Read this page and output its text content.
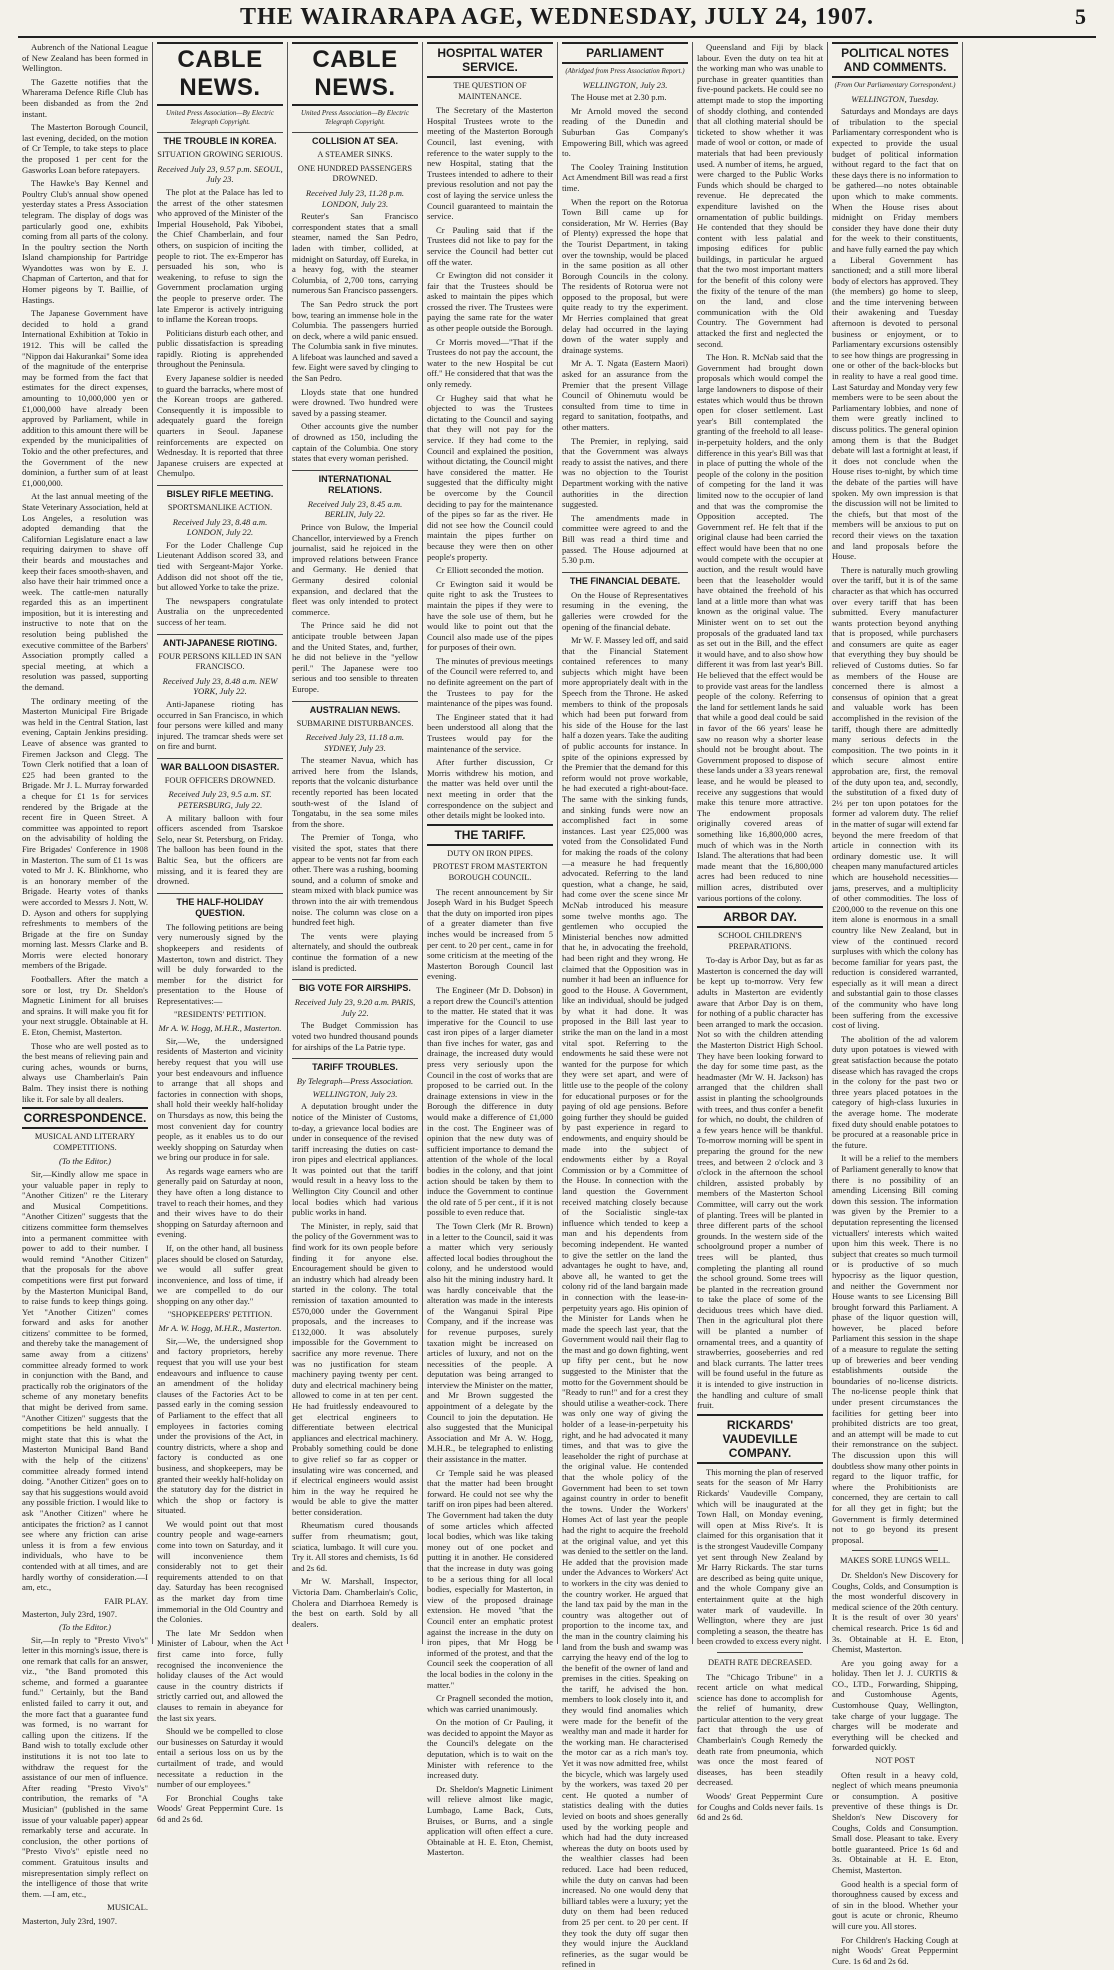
THE WAIRARAPA AGE, WEDNESDAY, JULY 24, 1907.	5

Aubrench of the National League of New Zealand has been formed in Wellington.

The Gazette notifies that the Wharerama Defence Rifle Club has been disbanded as from the 2nd instant.

The Masterton Borough Council, last evening, decided, on the motion of Cr Temple, to take steps to place the proposed 1 per cent for the Gasworks Loan before ratepayers.

The Hawke's Bay Kennel and Poultry Club's annual show opened yesterday states a Press Association telegram. The display of dogs was particularly good one, exhibits coming from all parts of the colony. In the poultry section the North Island championship for Partridge Wyandottes was won by E. J. Chapman of Carterton, and that for Homer pigeons by T. Baillie, of Hastings.

The Japanese Government have decided to hold a grand International Exhibition at Tokio in 1912. This will be called the "Nippon dai Hakurankai" Some idea of the magnitude of the enterprise may be formed from the fact that estimates for the direct expenses, amounting to 10,000,000 yen or £1,000,000 have already been approved by Parliament, while in addition to this amount there will be expended by the municipalities of Tokio and the other prefectures, and the Government of the new dominion, a further sum of at least £1,000,000.

At the last annual meeting of the State Veterinary Association, held at Los Angeles, a resolution was adopted demanding that the Californian Legislature enact a law requiring dairymen to shave off their beards and moustaches and keep their faces smooth-shaven, and also have their hair trimmed once a week. The cattle-men naturally regarded this as an impertinent imposition, but it is interesting and instructive to note that on the resolution being published the executive committee of the Barbers' Association promptly called a special meeting, at which a resolution was passed, supporting the demand.

The ordinary meeting of the Masterton Municipal Fire Brigade was held in the Central Station, last evening, Captain Jenkins presiding. Leave of absence was granted to Firemen Jackson and Clegg. The Town Clerk notified that a loan of £25 had been granted to the Brigade. Mr J. L. Murray forwarded a cheque for £1 1s for services rendered by the Brigade at the recent fire in Queen Street. A committee was appointed to report on the advisability of holding the Fire Brigades' Conference in 1908 in Masterton. The sum of £1 1s was voted to Mr J. K. Blinkhorne, who is an honorary member of the Brigade. Hearty votes of thanks were accorded to Messrs J. Nott, W. D. Ayson and others for supplying refreshments to members of the Brigade at the fire on Sunday morning last. Messrs Clarke and B. Morris were elected honorary members of the Brigade.

Footballers. After the match a sore or lost, try Dr. Sheldon's Magnetic Liniment for all bruises and sprains. It will make you fit for your next struggle. Obtainable at H. E. Eton, Chemist, Masterton.

Those who are well posted as to the best means of relieving pain and curing aches, wounds or burns, always use Chamberlain's Pain Balm. They insist there is nothing like it. For sale by all dealers.

CORRESPONDENCE.
MUSICAL AND LITERARY COMPETITIONS.
(To the Editor.)

Sir,—Kindly allow me space in your valuable paper in reply to "Another Citizen" re the Literary and Musical Competitions. "Another Citizen" suggests that the citizens committee form themselves into a permanent committee with power to add to their number. I would remind "Another Citizen" that the proposals for the above competitions were first put forward by the Masterton Municipal Band, to raise funds to keep things going. Yet "Another Citizen" comes forward and asks for another citizens' committee to be formed, and thereby take the management of same away from a citizens' committee already formed to work in conjunction with the Band, and practically rob the originators of the scheme of any monetary benefits that might be derived from same. "Another Citizen" suggests that the competitions be held annually. I might state that this is what the Masterton Municipal Band Band with the help of the citizens' committee already formed intend doing. "Another Citizen" goes on to say that his suggestions would avoid any possible friction. I would like to ask "Another Citizen" where he anticipates the friction? as I cannot see where any friction can arise unless it is from a few envious individuals, who have to be contended with at all times, and are hardly worthy of consideration.—I am, etc.,

FAIR PLAY.
Masterton, July 23rd, 1907.
(To the Editor.)

Sir,—In reply to "Presto Vivo's" letter in this morning's issue, there is one remark that calls for an answer, viz., "the Band promoted this scheme, and formed a guarantee fund." Certainly, but the Band enlisted failed to carry it out, and the more fact that a guarantee fund was formed, is no warrant for calling upon the citizens. If the Band wish to totally exclude other institutions it is not too late to withdraw the request for the assistance of our men of influence. After reading "Presto Vivo's" contribution, the remarks of "A Musician" (published in the same issue of your valuable paper) appear remarkably terse and accurate. In conclusion, the other portions of "Presto Vivo's" epistle need no comment. Gratuitous insults and misrepresentation simply reflect on the intelligence of those that write them. —I am, etc.,

MUSICAL.
Masterton, July 23rd, 1907.
CABLE NEWS.
United Press Association—By Electric Telegraph Copyright.
THE TROUBLE IN KOREA.
SITUATION GROWING SERIOUS.
Received July 23, 9.57 p.m. SEOUL, July 23.

The plot at the Palace has led to the arrest of the other statesmen who approved of the Minister of the Imperial Household, Pak Yibobei, the Chief Chamberlain, and four others, on suspicion of inciting the people to riot. The ex-Emperor has persuaded his son, who is weakening, to refuse to sign the Government proclamation urging the people to preserve order. The late Emperor is actively intriguing to inflame the Korean troops.

Politicians disturb each other, and public dissatisfaction is spreading rapidly. Rioting is apprehended throughout the Peninsula.

Every Japanese soldier is needed to guard the barracks, where most of the Korean troops are gathered. Consequently it is impossible to adequately guard the foreign quarters in Seoul. Japanese reinforcements are expected on Wednesday. It is reported that three Japanese cruisers are expected at Chemulpo.

BISLEY RIFLE MEETING.
SPORTSMANLIKE ACTION.
Received July 23, 8.48 a.m. LONDON, July 22.

For the Loder Challenge Cup Lieutenant Addison scored 33, and tied with Sergeant-Major Yorke. Addison did not shoot off the tie, but allowed Yorke to take the prize.

The newspapers congratulate Australia on the unprecedented success of her team.

ANTI-JAPANESE RIOTING.
FOUR PERSONS KILLED IN SAN FRANCISCO.
Received July 23, 8.48 a.m. NEW YORK, July 22.

Anti-Japanese rioting has occurred in San Francisco, in which four persons were killed and many injured. The tramcar sheds were set on fire and burnt.

WAR BALLOON DISASTER.
FOUR OFFICERS DROWNED.
Received July 23, 9.5 a.m. ST. PETERSBURG, July 22.

A military balloon with four officers ascended from Tsarskoe Selo, near St. Petersburg, on Friday. The balloon has been found in the Baltic Sea, but the officers are missing, and it is feared they are drowned.

THE HALF-HOLIDAY QUESTION.

The following petitions are being very numerously signed by the shopkeepers and residents of Masterton, town and district. They will be duly forwarded to the member for the district for presentation to the House of Representatives:—

"RESIDENTS' PETITION.
Mr A. W. Hogg, M.H.R., Masterton.

Sir,—We, the undersigned residents of Masterton and vicinity hereby request that you will use your best endeavours and influence to arrange that all shops and factories in connection with shops, shall hold their weekly half-holiday on Thursdays as now, this being the most convenient day for country people, as it enables us to do our weekly shopping on Saturday when we bring our produce in for sale.

As regards wage earners who are generally paid on Saturday at noon, they have often a long distance to travel to reach their homes, and they and their wives have to do their shopping on Saturday afternoon and evening.

If, on the other hand, all business places should be closed on Saturday, we would all suffer great inconvenience, and loss of time, if we are compelled to do our shopping on any other day."

"SHOPKEEPERS' PETITION.
Mr A. W. Hogg, M.H.R., Masterton.

Sir,—We, the undersigned shop and factory proprietors, hereby request that you will use your best endeavours and influence to cause an amendment of the holiday clauses of the Factories Act to be passed early in the coming session of Parliament to the effect that all employees in factories coming under the provisions of the Act, in country districts, where a shop and factory is conducted as one business, and shopkeepers, may be granted their weekly half-holiday on the statutory day for the district in which the shop or factory is situated.

We would point out that most country people and wage-earners come into town on Saturday, and it will inconvenience them considerably not to get their requirements attended to on that day. Saturday has been recognised as the market day from time immemorial in the Old Country and the Colonies.

The late Mr Seddon when Minister of Labour, when the Act first came into force, fully recognised the inconvenience the holiday clauses of the Act would cause in the country districts if strictly carried out, and allowed the clauses to remain in abeyance for the last six years.

Should we be compelled to close our businesses on Saturday it would entail a serious loss on us by the curtailment of trade, and would necessitate a reduction in the number of our employees."

For Bronchial Coughs take Woods' Great Peppermint Cure. 1s 6d and 2s 6d.

CABLE NEWS.
United Press Association—By Electric Telegraph Copyright.
COLLISION AT SEA.
A STEAMER SINKS.
ONE HUNDRED PASSENGERS DROWNED.
Received July 23, 11.28 p.m. LONDON, July 23.

Reuter's San Francisco correspondent states that a small steamer, named the San Pedro, laden with timber, collided, at midnight on Saturday, off Eureka, in a heavy fog, with the steamer Columbia, of 2,700 tons, carrying numerous San Francisco passengers.

The San Pedro struck the port bow, tearing an immense hole in the Columbia. The passengers hurried on deck, where a wild panic ensued. The Columbia sank in five minutes. A lifeboat was launched and saved a few. Eight were saved by clinging to the San Pedro.

Lloyds state that one hundred were drowned. Two hundred were saved by a passing steamer.

Other accounts give the number of drowned as 150, including the captain of the Columbia. One story states that every woman perished.

INTERNATIONAL RELATIONS.
Received July 23, 8.45 a.m. BERLIN, July 22.

Prince von Bulow, the Imperial Chancellor, interviewed by a French journalist, said he rejoiced in the improved relations between France and Germany. He denied that Germany desired colonial expansion, and declared that the fleet was only intended to protect commerce.

The Prince said he did not anticipate trouble between Japan and the United States, and, further, he did not believe in the "yellow peril." The Japanese were too serious and too sensible to threaten Europe.

AUSTRALIAN NEWS.
SUBMARINE DISTURBANCES.
Received July 23, 11.18 a.m. SYDNEY, July 23.

The steamer Navua, which has arrived here from the Islands, reports that the volcanic disturbance recently reported has been located south-west of the Island of Tongatabu, in the sea some miles from the shore.

The Premier of Tonga, who visited the spot, states that there appear to be vents not far from each other. There was a rushing, booming sound, and a column of smoke and steam mixed with black pumice was thrown into the air with tremendous noise. The column was close on a hundred feet high.

The vents were playing alternately, and should the outbreak continue the formation of a new island is predicted.

BIG VOTE FOR AIRSHIPS.
Received July 23, 9.20 a.m. PARIS, July 22.

The Budget Commission has voted two hundred thousand pounds for airships of the La Patrie type.

TARIFF TROUBLES.
By Telegraph—Press Association.
WELLINGTON, July 23.

A deputation brought under the notice of the Minister of Customs, to-day, a grievance local bodies are under in consequence of the revised tariff increasing the duties on cast-iron pipes and electrical appliances. It was pointed out that the tariff would result in a heavy loss to the Wellington City Council and other local bodies which had various public works in hand.

The Minister, in reply, said that the policy of the Government was to find work for its own people before finding it for anyone else. Encouragement should be given to an industry which had already been started in the colony. The total remission of taxation amounted to £570,000 under the Government proposals, and the increases to £132,000. It was absolutely impossible for the Government to sacrifice any more revenue. There was no justification for steam machinery paying twenty per cent. duty and electrical machinery being allowed to come in at ten per cent. He had fruitlessly endeavoured to get electrical engineers to differentiate between electrical appliances and electrical machinery. Probably something could be done to give relief so far as copper or insulating wire was concerned, and if electrical engineers would assist him in the way he required he would be able to give the matter better consideration.

Rheumatism cured thousands suffer from rheumatism; gout, sciatica, lumbago. It will cure you. Try it. All stores and chemists, 1s 6d and 2s 6d.

Mr W. Marshall, Inspector, Victoria Dam. Chamberlain's Colic, Cholera and Diarrhoea Remedy is the best on earth. Sold by all dealers.

HOSPITAL WATER SERVICE.
THE QUESTION OF MAINTENANCE.

The Secretary of the Masterton Hospital Trustees wrote to the meeting of the Masterton Borough Council, last evening, with reference to the water supply to the new Hospital, stating that the Trustees intended to adhere to their previous resolution and not pay the cost of laying the service unless the Council guaranteed to maintain the service.

Cr Pauling said that if the Trustees did not like to pay for the service the Council had better cut off the water.

Cr Ewington did not consider it fair that the Trustees should be asked to maintain the pipes which crossed the river. The Trustees were paying the same rate for the water as other people outside the Borough.

Cr Morris moved—"That if the Trustees do not pay the account, the water to the new Hospital be cut off." He considered that that was the only remedy.

Cr Hughey said that what he objected to was the Trustees dictating to the Council and saying that they will not pay for the service. If they had come to the Council and explained the position, without dictating, the Council might have considered the matter. He suggested that the difficulty might be overcome by the Council deciding to pay for the maintenance of the pipes so far as the river. He did not see how the Council could maintain the pipes further on because they were then on other people's property.

Cr Elliott seconded the motion.

Cr Ewington said it would be quite right to ask the Trustees to maintain the pipes if they were to have the sole use of them, but he would like to point out that the Council also made use of the pipes for purposes of their own.

The minutes of previous meetings of the Council were referred to, and no definite agreement on the part of the Trustees to pay for the maintenance of the pipes was found.

The Engineer stated that it had been understood all along that the Trustees would pay for the maintenance of the service.

After further discussion, Cr Morris withdrew his motion, and the matter was held over until the next meeting in order that the correspondence on the subject and other details might be looked into.

THE TARIFF.
DUTY ON IRON PIPES.
PROTEST FROM MASTERTON BOROUGH COUNCIL.

The recent announcement by Sir Joseph Ward in his Budget Speech that the duty on imported iron pipes of a greater diameter than five inches would be increased from 5 per cent. to 20 per cent., came in for some criticism at the meeting of the Masterton Borough Council last evening.

The Engineer (Mr D. Dobson) in a report drew the Council's attention to the matter. He stated that it was imperative for the Council to use cast iron pipes of a larger diameter than five inches for water, gas and drainage, the increased duty would press very seriously upon the Council in the cost of works that are proposed to be carried out. In the drainage extensions in view in the Borough the difference in duty would make a difference of £1,000 in the cost. The Engineer was of opinion that the new duty was of sufficient importance to demand the attention of the whole of the local bodies in the colony, and that joint action should be taken by them to induce the Government to continue the old rate of 5 per cent., if it is not possible to even reduce that.

The Town Clerk (Mr R. Brown) in a letter to the Council, said it was a matter which very seriously affected local bodies throughout the colony, and he understood would also hit the mining industry hard. It was hardly conceivable that the alteration was made in the interests of the Wanganui Spiral Pipe Company, and if the increase was for revenue purposes, surely taxation might be increased on articles of luxury, and not on the necessities of the people. A deputation was being arranged to interview the Minister on the matter, and Mr Brown suggested the appointment of a delegate by the Council to join the deputation. He also suggested that the Municipal Association and Mr A. W. Hogg, M.H.R., be telegraphed to enlisting their assistance in the matter.

Cr Temple said he was pleased that the matter had been brought forward. He could not see why the tariff on iron pipes had been altered. The Government had taken the duty of some articles which affected local bodies, which was like taking money out of one pocket and putting it in another. He considered that the increase in duty was going to be a serious thing for all local bodies, especially for Masterton, in view of the proposed drainage extension. He moved "that the Council enter an emphatic protest against the increase in the duty on iron pipes, that Mr Hogg be informed of the protest, and that the Council seek the cooperation of all the local bodies in the colony in the matter."

Cr Pragnell seconded the motion, which was carried unanimously.

On the motion of Cr Pauling, it was decided to appoint the Mayor as the Council's delegate on the deputation, which is to wait on the Minister with reference to the increased duty.

Dr. Sheldon's Magnetic Liniment will relieve almost like magic, Lumbago, Lame Back, Cuts, Bruises, or Burns, and a single application will often effect a cure. Obtainable at H. E. Eton, Chemist, Masterton.

PARLIAMENT
(Abridged from Press Association Report.)
WELLINGTON, July 23.

The House met at 2.30 p.m.

Mr Arnold moved the second reading of the Dunedin and Suburban Gas Company's Empowering Bill, which was agreed to.

The Cooley Training Institution Act Amendment Bill was read a first time.

When the report on the Rotorua Town Bill came up for consideration, Mr W. Herries (Bay of Plenty) expressed the hope that the Tourist Department, in taking over the township, would be placed in the same position as all other Borough Councils in the colony. The residents of Rotorua were not opposed to the proposal, but were quite ready to try the experiment. Mr Herries complained that great delay had occurred in the laying down of the water supply and drainage systems.

Mr A. T. Ngata (Eastern Maori) asked for an assurance from the Premier that the present Village Council of Ohinemutu would be consulted from time to time in regard to sanitation, footpaths, and other matters.

The Premier, in replying, said that the Government was always ready to assist the natives, and there was no objection to the Tourist Department working with the native authorities in the direction suggested.

The amendments made in committee were agreed to and the Bill was read a third time and passed. The House adjourned at 5.30 p.m.

THE FINANCIAL DEBATE.

On the House of Representatives resuming in the evening, the galleries were crowded for the opening of the financial debate.

Mr W. F. Massey led off, and said that the Financial Statement contained references to many subjects which might have been more appropriately dealt with in the Speech from the Throne. He asked members to think of the proposals which had been put forward from his side of the House for the last half a dozen years. Take the auditing of public accounts for instance. In spite of the opinions expressed by the Premier that the demand for this reform would not prove workable, he had executed a right-about-face. The same with the sinking funds, and sinking funds were now an accomplished fact in some instances. Last year £25,000 was voted from the Consolidated Fund for making the roads of the colony—a measure he had frequently advocated. Referring to the land question, what a change, he said, had come over the scene since Mr McNab introduced his measure some twelve months ago. The gentlemen who occupied the Ministerial benches now admitted that he, in advocating the freehold, had been right and they wrong. He claimed that the Opposition was in number it had been an influence for good to the House. A Government, like an individual, should be judged by what it had done. It was proposed in the Bill last year to strike the man on the land in a most vital spot. Referring to the endowments he said these were not wanted for the purpose for which they were set apart, and were of little use to the people of the colony for educational purposes or for the paying of old age pensions. Before going further they should be guided by past experience in regard to endowments, and enquiry should be made into the subject of endowments either by a Royal Commission or by a Committee of the House. In connection with the land question the Government received matching closely because of the Socialistic single-tax influence which tended to keep a man and his dependents from becoming independent. He wanted to give the settler on the land the advantages he ought to have, and, above all, he wanted to get the colony rid of the land bargain made in connection with the lease-in-perpetuity years ago. His opinion of the Minister for Lands when he made the speech last year, that the Government would nail their flag to the mast and go down fighting, went up fifty per cent., but he now suggested to the Minister that the motto for the Government should be "Ready to run!" and for a crest they should utilise a weather-cock. There was only one way of giving the holder of a lease-in-perpetuity his right, and he had advocated it many times, and that was to give the leaseholder the right of purchase at the original value. He contended that the whole policy of the Government had been to set town against country in order to benefit the towns. Under the Workers' Homes Act of last year the people had the right to acquire the freehold at the original value, and yet this was denied to the settler on the land. He added that the provision made under the Advances to Workers' Act to workers in the city was denied to the country worker. He argued that the land tax paid by the man in the country was altogether out of proportion to the income tax, and the man in the country claiming his land from the bush and swamp was carrying the heavy end of the log to the benefit of the owner of land and premises in the cities. Speaking on the tariff, he advised the hon. members to look closely into it, and they would find anomalies which were made for the benefit of the wealthy man and made it harder for the working man. He characterised the motor car as a rich man's toy. Yet it was now admitted free, whilst the bicycle, which was largely used by the workers, was taxed 20 per cent. He quoted a number of statistics dealing with the duties levied on boots and shoes generally used by the working people and which had had the duty increased whereas the duty on boots used by the wealthier classes had been reduced. Lace had been reduced, while the duty on canvas had been increased. No one would deny that billiard tables were a luxury; yet the duty on them had been reduced from 25 per cent. to 20 per cent. If they took the duty off sugar then they would injure the Auckland refineries, as the sugar would be refined in

Queensland and Fiji by black labour. Even the duty on tea hit at the working man who was unable to purchase in greater quantities than five-pound packets. He could see no attempt made to stop the importing of shoddy clothing, and contended that all clothing material should be ticketed to show whether it was made of wool or cotton, or made of materials that had been previously used. A number of items, he argued, were charged to the Public Works Funds which should be charged to revenue. He deprecated the expenditure lavished on the ornamentation of public buildings. He contended that they should be content with less palatial and imposing edifices for public buildings, in particular he argued that the two most important matters for the benefit of this colony were the fixity of the tenure of the man on the land, and close communication with the Old Country. The Government had attacked the first and neglected the second.

The Hon. R. McNab said that the Government had brought down proposals which would compel the large landowners to dispose of their estates which would thus be thrown open for closer settlement. Last year's Bill contemplated the granting of the freehold to all lease-in-perpetuity holders, and the only difference in this year's Bill was that in place of putting the whole of the people of the colony in the position of competing for the land it was limited now to the occupier of land and that was the compromise the Opposition accepted. The Government ref. He felt that if the original clause had been carried the effect would have been that no one would compete with the occupier at auction, and the result would have been that the leaseholder would have obtained the freehold of his land at a little more than what was known as the original value. The Minister went on to set out the proposals of the graduated land tax as set out in the Bill, and the effect it would have, and to also show how different it was from last year's Bill. He believed that the effect would be to provide vast areas for the landless people of the colony. Referring to the land for settlement lands he said that while a good deal could be said in favor of the 66 years' lease he saw no reason why a shorter lease should not be brought about. The Government proposed to dispose of these lands under a 33 years renewal lease, and he would be pleased to receive any suggestions that would make this tenure more attractive. The endowment proposals originally covered areas of something like 16,800,000 acres, much of which was in the North Island. The alterations that had been made meant that the 16,800,000 acres had been reduced to nine million acres, distributed over various portions of the colony.

ARBOR DAY.
SCHOOL CHILDREN'S PREPARATIONS.

To-day is Arbor Day, but as far as Masterton is concerned the day will be kept up to-morrow. Very few adults in Masterton are evidently aware that Arbor Day is on them, for nothing of a public character has been arranged to mark the occasion. Not so with the children attending the Masterton District High School. They have been looking forward to the day for some time past, as the headmaster (Mr W. H. Jackson) has arranged that the children shall assist in planting the schoolgrounds with trees, and thus confer a benefit for which, no doubt, the children of a few years hence will be thankful. To-morrow morning will be spent in preparing the ground for the new trees, and between 2 o'clock and 3 o'clock in the afternoon the school children, assisted probably by members of the Masterton School Committee, will carry out the work of planting. Trees will be planted in three different parts of the school grounds. In the western side of the schoolground proper a number of trees will be planted, thus completing the planting all round the school ground. Some trees will be planted in the recreation ground to take the place of some of the deciduous trees which have died. Then in the agricultural plot there will be planted a number of ornamental trees, and a quantity of strawberries, gooseberries and red and black currants. The latter trees will be found useful in the future as it is intended to give instruction in the handling and culture of small fruit.

RICKARDS' VAUDEVILLE COMPANY.

This morning the plan of reserved seats for the season of Mr Harry Rickards' Vaudeville Company, which will be inaugurated at the Town Hall, on Monday evening, will open at Miss Rive's. It is claimed for this organisation that it is the strongest Vaudeville Company yet sent through New Zealand by Mr Harry Rickards. The star turns are described as being quite unique, and the whole Company give an entertainment quite at the high water mark of vaudeville. In Wellington, where they are just completing a season, the theatre has been crowded to excess every night.

DEATH RATE DECREASED.

The "Chicago Tribune" in a recent article on what medical science has done to accomplish for the relief of humanity, drew particular attention to the very great fact that through the use of Chamberlain's Cough Remedy the death rate from pneumonia, which was once the most feared of diseases, has been steadily decreased.

Woods' Great Peppermint Cure for Coughs and Colds never fails. 1s 6d and 2s 6d.

POLITICAL NOTES AND COMMENTS.
(From Our Parliamentary Correspondent.)
WELLINGTON, Tuesday.

Saturdays and Mondays are days of tribulation to the special Parliamentary correspondent who is expected to provide the usual budget of political information without regard to the fact that on these days there is no information to be gathered—no notes obtainable upon which to make comments. When the House rises about midnight on Friday members consider they have done their duty for the week to their constituents, and have fully earned the pay which a Liberal Government has sanctioned; and a still more liberal body of electors has approved. They (the members) go home to sleep, and the time intervening between their awakening and Tuesday afternoon is devoted to personal business or enjoyment, or to Parliamentary excursions ostensibly to see how things are progressing in one or other of the back-blocks but in reality to have a real good time. Last Saturday and Monday very few members were to be seen about the Parliamentary lobbies, and none of them were greatly inclined to discuss politics. The general opinion among them is that the Budget debate will last a fortnight at least, if it does not conclude when the House rises to-night, by which time the debate of the parties will have spoken. My own impression is that the discussion will not be limited to the chiefs, but that most of the members will be anxious to put on record their views on the taxation and land proposals before the House.

There is naturally much growling over the tariff, but it is of the same character as that which has occurred over every tariff that has been submitted. Every manufacturer wants protection beyond anything that is proposed, while purchasers and consumers are quite as eager that everything they buy should be relieved of Customs duties. So far as members of the House are concerned there is almost a consensus of opinion that a great and valuable work has been accomplished in the revision of the tariff, though there are admittedly many serious defects in the composition. The two points in it which secure almost entire approbation are, first, the removal of the duty upon tea, and, secondly, the substitution of a fixed duty of 2½ per ton upon potatoes for the former ad valorem duty. The relief in the matter of sugar will extend far beyond the mere freedom of that article in connection with its ordinary domestic use. It will cheapen many manufactured articles which are household necessities—jams, preserves, and a multiplicity of other commodities. The loss of £200,000 to the revenue on this one item alone is enormous in a small country like New Zealand, but in view of the continued record surpluses with which the colony has become familiar for years past, the reduction is considered warranted, especially as it will mean a direct and substantial gain to those classes of the community who have long been suffering from the excessive cost of living.

The abolition of the ad valorem duty upon potatoes is viewed with great satisfaction because the potato disease which has ravaged the crops in the colony for the past two or three years placed potatoes in the category of high-class luxuries in the average home. The moderate fixed duty should enable potatoes to be procured at a reasonable price in the future.

It will be a relief to the members of Parliament generally to know that there is no possibility of an amending Licensing Bill coming down this session. The information was given by the Premier to a deputation representing the licensed victuallers' interests which waited upon him this week. There is no subject that creates so much turmoil or is productive of so much hypocrisy as the liquor question, and neither the Government nor House wants to see Licensing Bill brought forward this Parliament. A phase of the liquor question will, however, be placed before Parliament this session in the shape of a measure to regulate the setting up of breweries and beer vending establishments outside the boundaries of no-license districts. The no-license people think that under present circumstances the facilities for getting beer into prohibited districts are too great, and an attempt will be made to cut their remonstrance on the subject. The discussion upon this will doubtless show many other points in regard to the liquor traffic, for where the Prohibitionists are concerned, they are certain to call for all they get in fight; but the Government is firmly determined not to go beyond its present proposal.

MAKES SORE LUNGS WELL.

Dr. Sheldon's New Discovery for Coughs, Colds, and Consumption is the most wonderful discovery in medical science of the 20th century. It is the result of over 30 years' chemical research. Price 1s 6d and 3s. Obtainable at H. E. Eton, Chemist, Masterton.

Are you going away for a holiday. Then let J. J. CURTIS & CO., LTD., Forwarding, Shipping, and Customhouse Agents, Customhouse Quay, Wellington, take charge of your luggage. The charges will be moderate and everything will be checked and forwarded quickly.

NOT POST

Often result in a heavy cold, neglect of which means pneumonia or consumption. A positive preventive of these things is Dr. Sheldon's New Discovery for Coughs, Colds and Consumption. Small dose. Pleasant to take. Every bottle guaranteed. Price 1s 6d and 3s. Obtainable at H. E. Eton, Chemist, Masterton.

Good health is a special form of thoroughness caused by excess and of sin in the blood. Whether your gout is acute or chronic, Rheumo will cure you. All stores.

For Children's Hacking Cough at night Woods' Great Peppermint Cure. 1s 6d and 2s 6d.
